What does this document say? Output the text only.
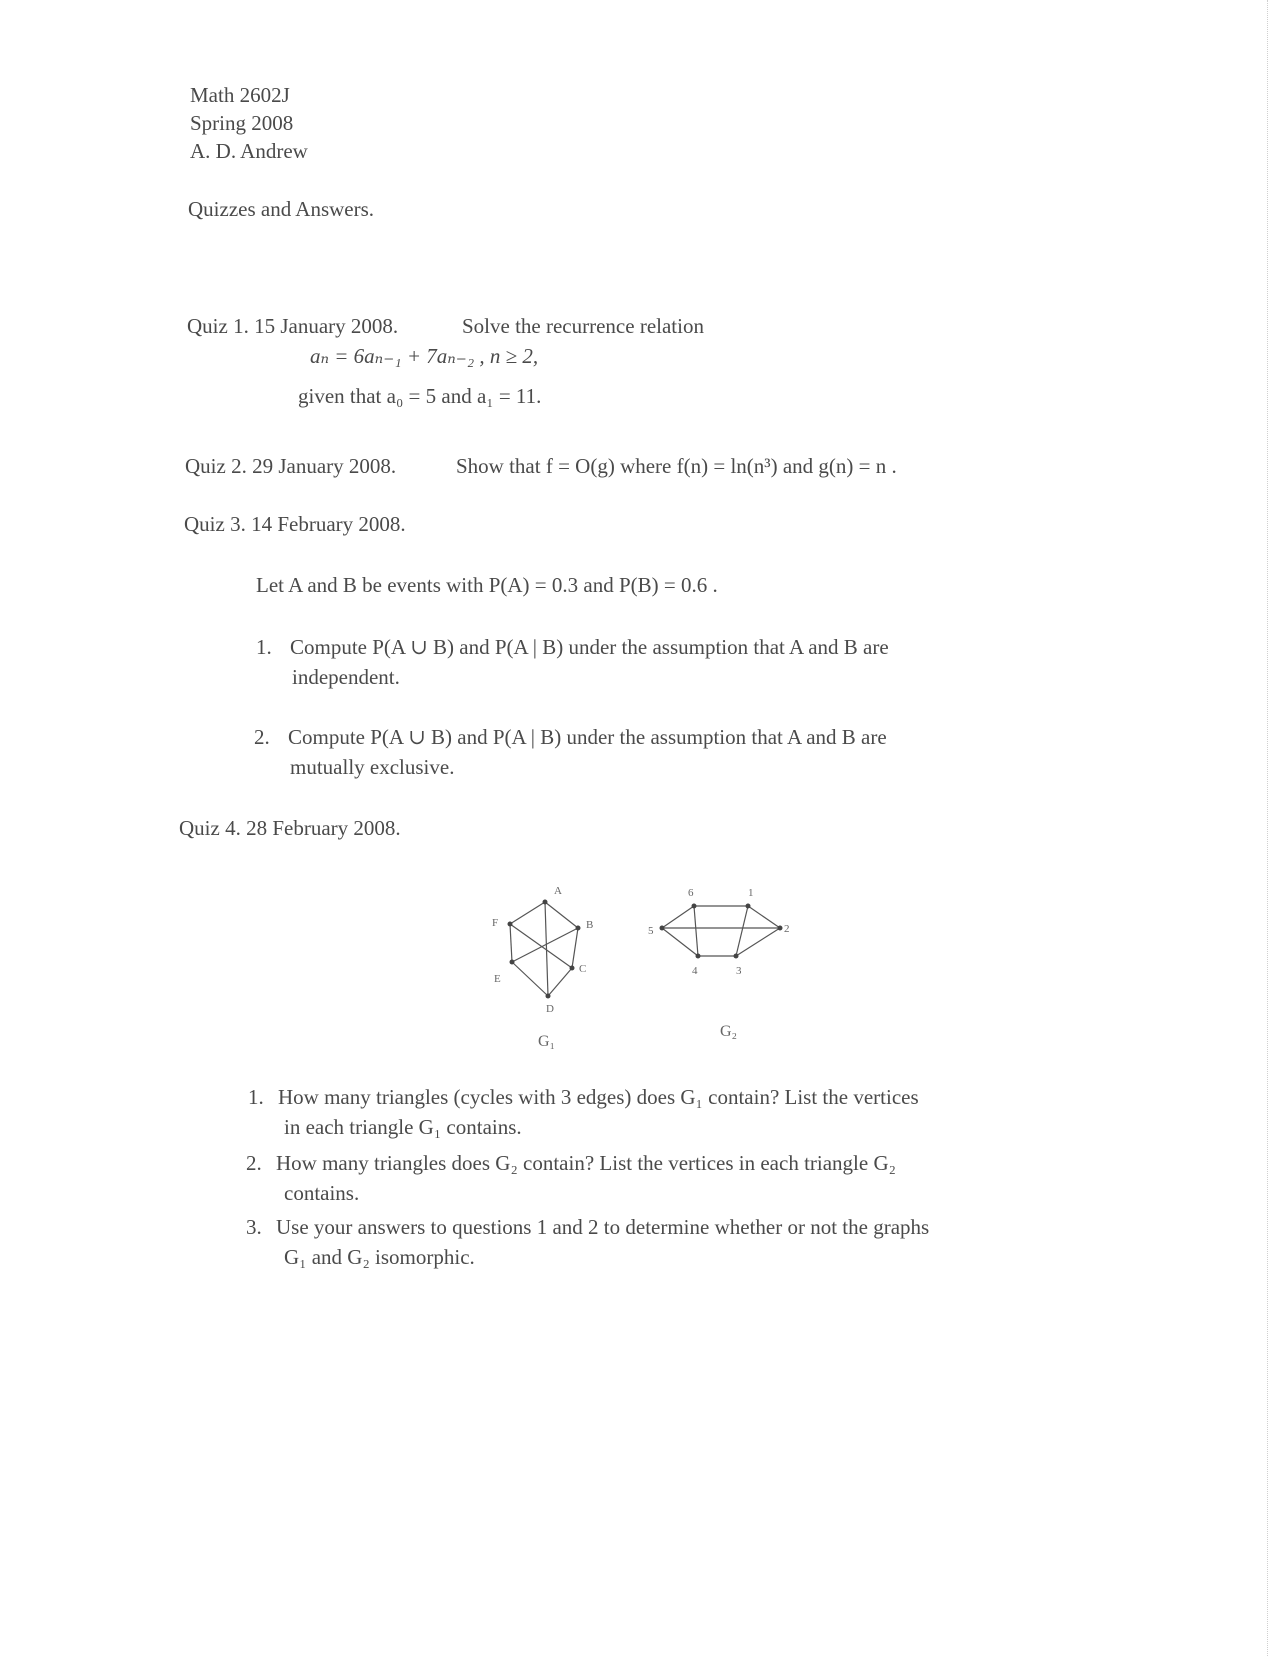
Math 2602J
Spring 2008
A. D. Andrew
Quizzes and Answers.
Quiz 1. 15 January 2008.	Solve the recurrence relation
aₙ = 6aₙ₋₁ + 7aₙ₋₂ , n ≥ 2,
given that a₀ = 5 and a₁ = 11.
Quiz 2. 29 January 2008.	Show that f = O(g) where f(n) = ln(n³) and g(n) = n .
Quiz 3. 14 February 2008.
Let A and B be events with P(A) = 0.3 and P(B) = 0.6 .
1. Compute P(A ∪ B) and P(A | B) under the assumption that A and B are
independent.
2. Compute P(A ∪ B) and P(A | B) under the assumption that A and B are
mutually exclusive.
Quiz 4. 28 February 2008.
A
B
C
D
E
F
G₁
1
2
3
4
5
6
G₂
1. How many triangles (cycles with 3 edges) does G₁ contain? List the vertices
in each triangle G₁ contains.
2. How many triangles does G₂ contain? List the vertices in each triangle G₂
contains.
3. Use your answers to questions 1 and 2 to determine whether or not the graphs
G₁ and G₂ isomorphic.
